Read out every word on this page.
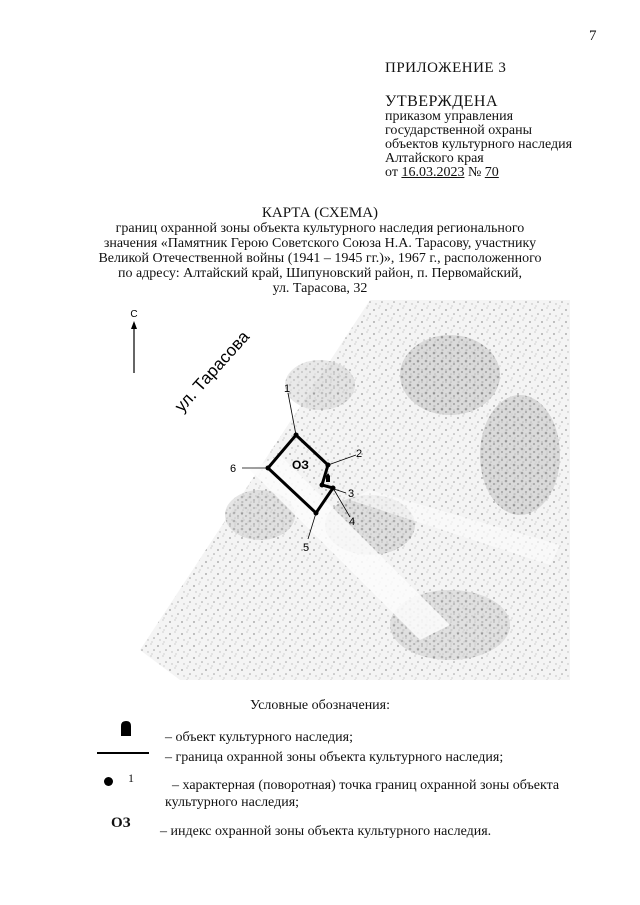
7
ПРИЛОЖЕНИЕ 3
УТВЕРЖДЕНА
приказом управления
государственной охраны
объектов культурного наследия
Алтайского края
от 16.03.2023 № 70
КАРТА (СХЕМА)
границ охранной зоны объекта культурного наследия регионального
значения «Памятник Герою Советского Союза Н.А. Тарасову, участнику
Великой Отечественной войны (1941 – 1945 гг.)», 1967 г., расположенного
по адресу: Алтайский край, Шипуновский район, п. Первомайский,
ул. Тарасова, 32
С
ул. Тарасова	1
2
3
4
5
6	ОЗ
Условные обозначения:
– объект культурного наследия;
– граница охранной зоны объекта культурного наследия;
1	– характерная (поворотная) точка границ охранной зоны объекта
культурного наследия;
ОЗ
– индекс охранной зоны объекта культурного наследия.
